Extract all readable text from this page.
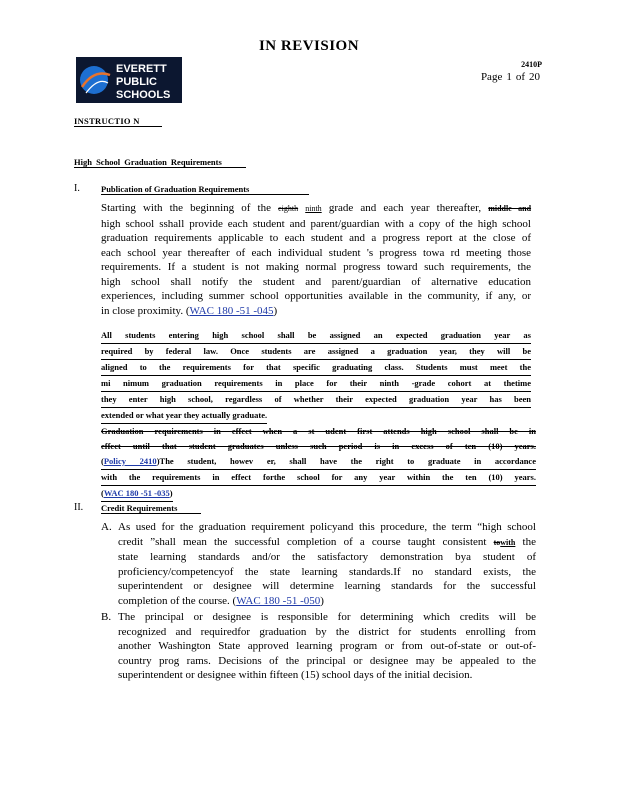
IN REVISION
EVERETT
PUBLIC
SCHOOLS
2410P
Page 1 of 20
INSTRUCTIO N
High School Graduation Requirements
I. Publication of Graduation Requirements

Starting with the beginning of the eighth ninth grade and each year thereafter, middle and

high school sshall provide each student and parent/guardian with a copy of the high school

graduation requirements applicable to each student and a progress report at the close of

each school year thereafter of each individual student 's progress towa rd meeting those

requirements. If a student is not making normal progress toward such requirements, the

high school shall notify the student and parent/guardian of alternative education

experiences, including summer school opportunities available in the community, if any, or

in close proximity. (WAC 180 -51 -045)

All students entering high school shall be assigned an expected graduation year as

required by federal law. Once students are assigned a graduation year, they will be

aligned to the requirements for that specific graduating class. Students must meet the

mi nimum graduation requirements in place for their ninth -grade cohort at thetime

they enter high school, regardless of whether their expected graduation year has been

extended or what year they actually graduate.

Graduation requirements in effect when a st udent first attends high school shall be in

effect until that student graduates unless such period is in excess of ten (10) years.

(Policy 2410)The student, howev er, shall have the right to graduate in accordance

with the requirements in effect forthe school for any year within the ten (10) years.

(WAC 180 -51 -035)

II. Credit Requirements
A. As used for the graduation requirement policyand this procedure, the term “high school

credit ”shall mean the successful completion of a course taught consistent towith the

state learning standards and/or the satisfactory demonstration bya student of

proficiency/competencyof the state learning standards.If no standard exists, the

superintendent or designee will determine learning standards for the successful

completion of the course. (WAC 180 -51 -050)

B. The principal or designee is responsible for determining which credits will be

recognized and requiredfor graduation by the district for students enrolling from

another Washington State approved learning program or from out-of-state or out-of-

country prog rams. Decisions of the principal or designee may be appealed to the

superintendent or designee within fifteen (15) school days of the initial decision.
